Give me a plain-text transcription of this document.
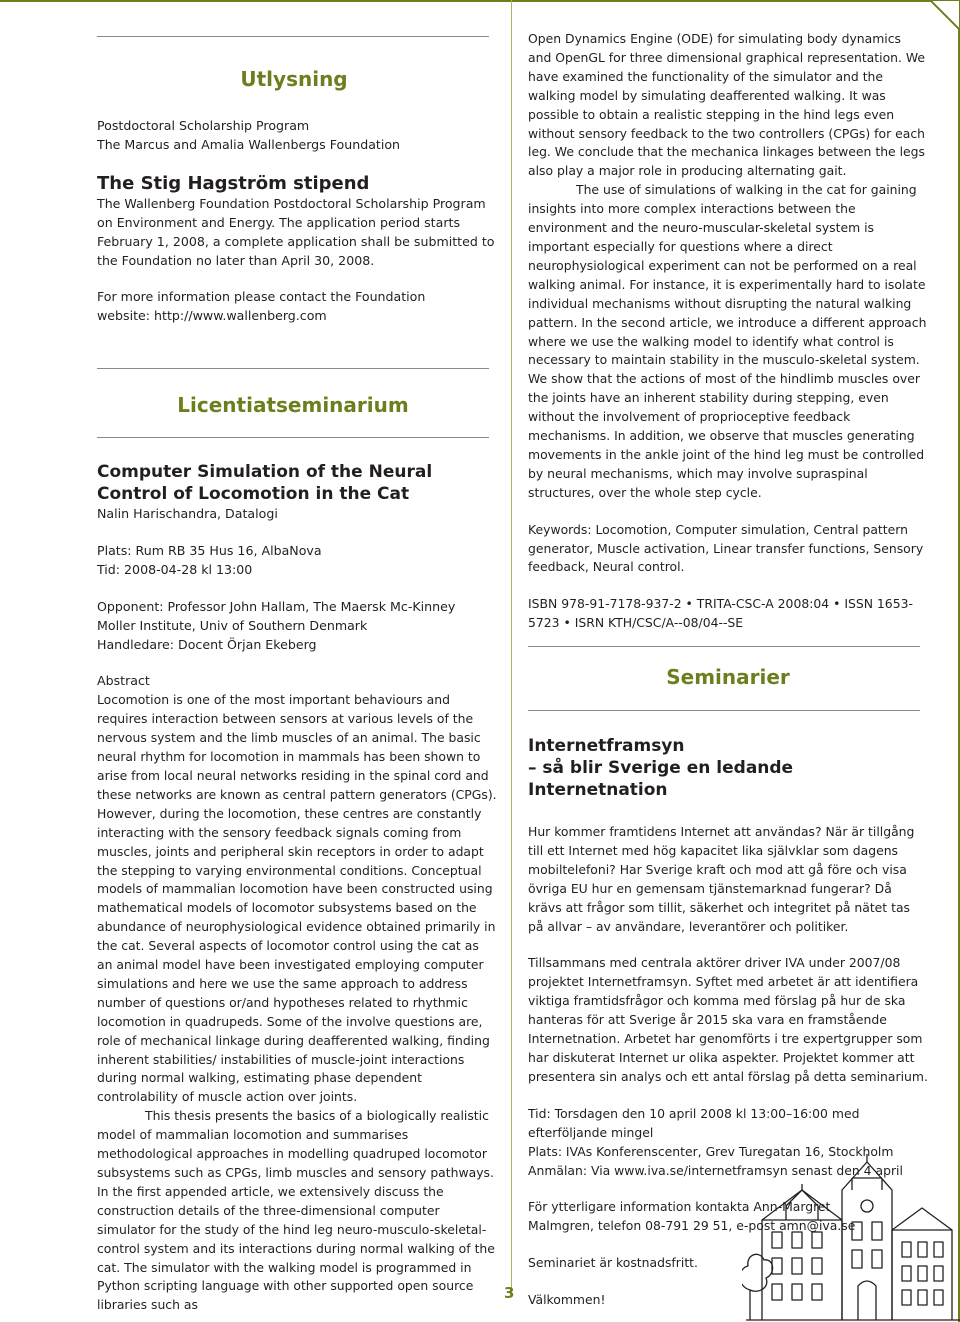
Utlysning

Postdoctoral Scholarship Program

The Marcus and Amalia Wallenbergs Foundation

The Stig Hagström stipend

The Wallenberg Foundation Postdoctoral Scholarship Program on Environment and Energy. The application period starts February 1, 2008, a complete application shall be submitted to the Foundation no later than April 30, 2008.

For more information please contact the Foundation website: http://www.wallenberg.com

Licentiatseminarium
Computer Simulation of the Neural Control of Locomotion in the Cat

Nalin Harischandra, Datalogi

Plats: Rum RB 35 Hus 16, AlbaNova

Tid: 2008-04-28 kl 13:00

Opponent: Professor John Hallam, The Maersk Mc-Kinney Moller Institute, Univ of Southern Denmark

Handledare: Docent Örjan Ekeberg

Abstract

Locomotion is one of the most important behaviours and requires interaction between sensors at various levels of the nervous system and the limb muscles of an animal. The basic neural rhythm for locomotion in mammals has been shown to arise from local neural networks residing in the spinal cord and these networks are known as central pattern generators (CPGs). However, during the locomotion, these centres are constantly interacting with the sensory feedback signals coming from muscles, joints and peripheral skin receptors in order to adapt the stepping to varying environmental conditions. Conceptual models of mammalian locomotion have been constructed using mathematical models of locomotor subsystems based on the abundance of neurophysiological evidence obtained primarily in the cat. Several aspects of locomotor control using the cat as an animal model have been investigated employing computer simulations and here we use the same approach to address number of questions or/and hypotheses related to rhythmic locomotion in quadrupeds. Some of the involve questions are, role of mechanical linkage during deafferented walking, finding inherent stabilities/ instabilities of muscle-joint interactions during normal walking, estimating phase dependent controlability of muscle action over joints.

This thesis presents the basics of a biologically realistic model of mammalian locomotion and summarises methodological approaches in modelling quadruped locomotor subsystems such as CPGs, limb muscles and sensory pathways. In the first appended article, we extensively discuss the construction details of the three-dimensional computer simulator for the study of the hind leg neuro-musculo-skeletal-control system and its interactions during normal walking of the cat. The simulator with the walking model is programmed in Python scripting language with other supported open source libraries such as

Open Dynamics Engine (ODE) for simulating body dynamics and OpenGL for three dimensional graphical representation. We have examined the functionality of the simulator and the walking model by simulating deafferented walking. It was possible to obtain a realistic stepping in the hind legs even without sensory feedback to the two controllers (CPGs) for each leg. We conclude that the mechanica linkages between the legs also play a major role in producing alternating gait.

The use of simulations of walking in the cat for gaining insights into more complex interactions between the environment and the neuro-muscular-skeletal system is important especially for questions where a direct neurophysiological experiment can not be performed on a real walking animal. For instance, it is experimentally hard to isolate individual mechanisms without disrupting the natural walking pattern. In the second article, we introduce a different approach where we use the walking model to identify what control is necessary to maintain stability in the musculo-skeletal system. We show that the actions of most of the hindlimb muscles over the joints have an inherent stability during stepping, even without the involvement of proprioceptive feedback mechanisms. In addition, we observe that muscles generating movements in the ankle joint of the hind leg must be controlled by neural mechanisms, which may involve supraspinal structures, over the whole step cycle.

Keywords: Locomotion, Computer simulation, Central pattern generator, Muscle activation, Linear transfer functions, Sensory feedback, Neural control.

ISBN 978-91-7178-937-2 • TRITA-CSC-A 2008:04 • ISSN 1653-5723 • ISRN KTH/CSC/A--08/04--SE

Seminarier
Internetframsyn
– så blir Sverige en ledande Internetnation

Hur kommer framtidens Internet att användas? När är tillgång till ett Internet med hög kapacitet lika självklar som dagens mobiltelefoni? Har Sverige kraft och mod att gå före och visa övriga EU hur en gemensam tjänstemarknad fungerar? Då krävs att frågor som tillit, säkerhet och integritet på nätet tas på allvar – av användare, leverantörer och politiker.

Tillsammans med centrala aktörer driver IVA under 2007/08 projektet Internetframsyn. Syftet med arbetet är att identifiera viktiga framtidsfrågor och komma med förslag på hur de ska hanteras för att Sverige år 2015 ska vara en framstående Internetnation. Arbetet har genomförts i tre expertgrupper som har diskuterat Internet ur olika aspekter. Projektet kommer att presentera sin analys och ett antal förslag på detta seminarium.

Tid: Torsdagen den 10 april 2008 kl 13:00–16:00 med efterföljande mingel

Plats: IVAs Konferenscenter, Grev Turegatan 16, Stockholm

Anmälan: Via www.iva.se/internetframsyn senast den 4 april

För ytterligare information kontakta Ann-Margret Malmgren, telefon 08-791 29 51, e-post amn@iva.se

Seminariet är kostnadsfritt.

Välkommen!

3
